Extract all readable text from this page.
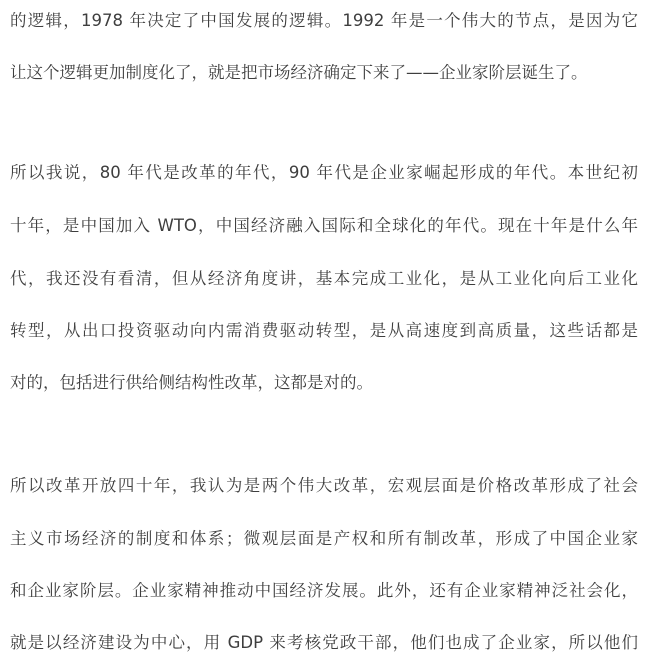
的逻辑，1978 年决定了中国发展的逻辑。1992 年是一个伟大的节点，是因为它
让这个逻辑更加制度化了，就是把市场经济确定下来了——企业家阶层诞生了。
所以我说，80 年代是改革的年代，90 年代是企业家崛起形成的年代。本世纪初
十年，是中国加入 WTO，中国经济融入国际和全球化的年代。现在十年是什么年
代，我还没有看清，但从经济角度讲，基本完成工业化，是从工业化向后工业化
转型，从出口投资驱动向内需消费驱动转型，是从高速度到高质量，这些话都是
对的，包括进行供给侧结构性改革，这都是对的。
所以改革开放四十年，我认为是两个伟大改革，宏观层面是价格改革形成了社会
主义市场经济的制度和体系；微观层面是产权和所有制改革，形成了中国企业家
和企业家阶层。企业家精神推动中国经济发展。此外，还有企业家精神泛社会化，
就是以经济建设为中心，用 GDP 来考核党政干部，他们也成了企业家，所以他们
